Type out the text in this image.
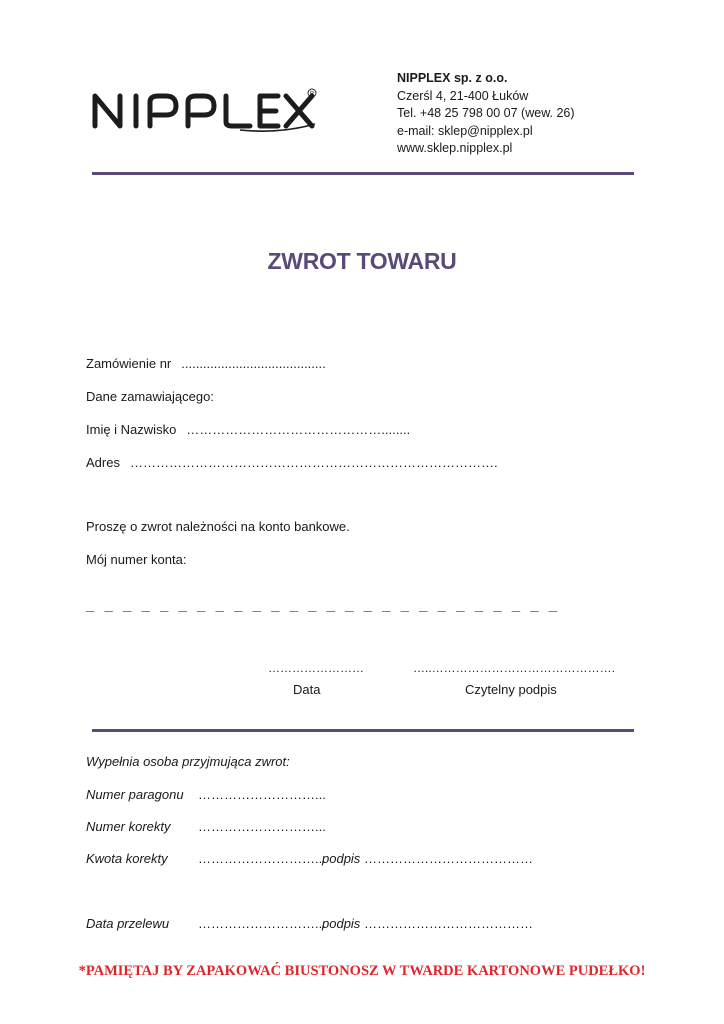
R
NIPPLEX sp. z o.o.
Czerśl 4, 21-400 Łuków
Tel. +48 25 798 00 07 (wew. 26)
e-mail: sklep@nipplex.pl
www.sklep.nipplex.pl
ZWROT TOWARU
Zamówienie nr ........................................
Dane zamawiającego:
Imię i Nazwisko ………………………………………........
Adres ………………………………………………………………………….
Proszę o zwrot należności na konto bankowe.
Mój numer konta:
_ _ _ _ _ _ _ _ _ _ _ _ _ _ _ _ _ _ _ _ _ _ _ _ _ _
……………………
Data
…..……………………………………….
Czytelny podpis
Wypełnia osoba przyjmująca zwrot:
Numer paragonu ………………………...
Numer korekty ………………………...
Kwota korekty ………………………...
podpis …………………………………
Data przelewu ………………………...
podpis …………………………………
*PAMIĘTAJ BY ZAPAKOWAĆ BIUSTONOSZ W TWARDE KARTONOWE PUDEŁKO!
